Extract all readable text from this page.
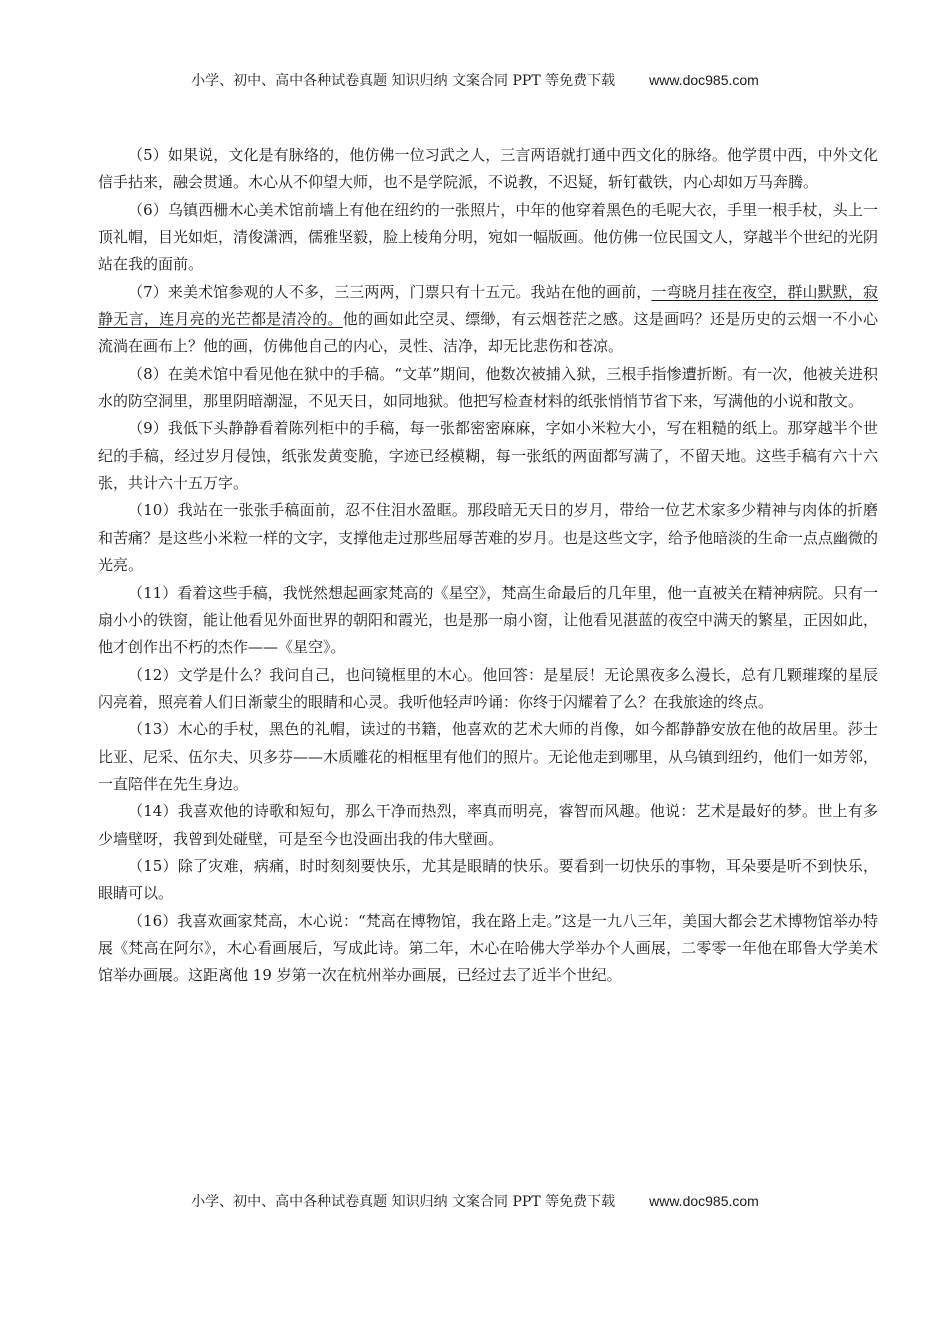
小学、初中、高中各种试卷真题 知识归纳 文案合同 PPT 等免费下载 www.doc985.com

（5）如果说，文化是有脉络的，他仿佛一位习武之人，三言两语就打通中西文化的脉络。他学贯中西，中外文化信手拈来，融会贯通。木心从不仰望大师，也不是学院派，不说教，不迟疑，斩钉截铁，内心却如万马奔腾。

（6）乌镇西栅木心美术馆前墙上有他在纽约的一张照片，中年的他穿着黑色的毛呢大衣，手里一根手杖，头上一顶礼帽，目光如炬，清俊潇洒，儒雅坚毅，脸上棱角分明，宛如一幅版画。他仿佛一位民国文人，穿越半个世纪的光阴站在我的面前。

（7）来美术馆参观的人不多，三三两两，门票只有十五元。我站在他的画前，一弯晓月挂在夜空，群山默默，寂静无言，连月亮的光芒都是清冷的。他的画如此空灵、缥缈，有云烟苍茫之感。这是画吗？还是历史的云烟一不小心流淌在画布上？他的画，仿佛他自己的内心，灵性、洁净，却无比悲伤和苍凉。

（8）在美术馆中看见他在狱中的手稿。“文革”期间，他数次被捕入狱，三根手指惨遭折断。有一次，他被关进积水的防空洞里，那里阴暗潮湿，不见天日，如同地狱。他把写检查材料的纸张悄悄节省下来，写满他的小说和散文。

（9）我低下头静静看着陈列柜中的手稿，每一张都密密麻麻，字如小米粒大小，写在粗糙的纸上。那穿越半个世纪的手稿，经过岁月侵蚀，纸张发黄变脆，字迹已经模糊，每一张纸的两面都写满了，不留天地。这些手稿有六十六张，共计六十五万字。

（10）我站在一张张手稿面前，忍不住泪水盈眶。那段暗无天日的岁月，带给一位艺术家多少精神与肉体的折磨和苦痛？是这些小米粒一样的文字，支撑他走过那些屈辱苦难的岁月。也是这些文字，给予他暗淡的生命一点点幽微的光亮。

（11）看着这些手稿，我恍然想起画家梵高的《星空》，梵高生命最后的几年里，他一直被关在精神病院。只有一扇小小的铁窗，能让他看见外面世界的朝阳和霞光，也是那一扇小窗，让他看见湛蓝的夜空中满天的繁星，正因如此，他才创作出不朽的杰作——《星空》。

（12）文学是什么？我问自己，也问镜框里的木心。他回答：是星辰！无论黑夜多么漫长，总有几颗璀璨的星辰闪亮着，照亮着人们日渐蒙尘的眼睛和心灵。我听他轻声吟诵：你终于闪耀着了么？在我旅途的终点。

（13）木心的手杖，黑色的礼帽，读过的书籍，他喜欢的艺术大师的肖像，如今都静静安放在他的故居里。莎士比亚、尼采、伍尔夫、贝多芬——木质雕花的相框里有他们的照片。无论他走到哪里，从乌镇到纽约，他们一如芳邻，一直陪伴在先生身边。

（14）我喜欢他的诗歌和短句，那么干净而热烈，率真而明亮，睿智而风趣。他说：艺术是最好的梦。世上有多少墙壁呀，我曾到处碰壁，可是至今也没画出我的伟大壁画。

（15）除了灾难，病痛，时时刻刻要快乐，尤其是眼睛的快乐。要看到一切快乐的事物，耳朵要是听不到快乐，眼睛可以。

（16）我喜欢画家梵高，木心说：“梵高在博物馆，我在路上走。”这是一九八三年，美国大都会艺术博物馆举办特展《梵高在阿尔》，木心看画展后，写成此诗。第二年，木心在哈佛大学举办个人画展，二零零一年他在耶鲁大学美术馆举办画展。这距离他 19 岁第一次在杭州举办画展，已经过去了近半个世纪。

小学、初中、高中各种试卷真题 知识归纳 文案合同 PPT 等免费下载 www.doc985.com
